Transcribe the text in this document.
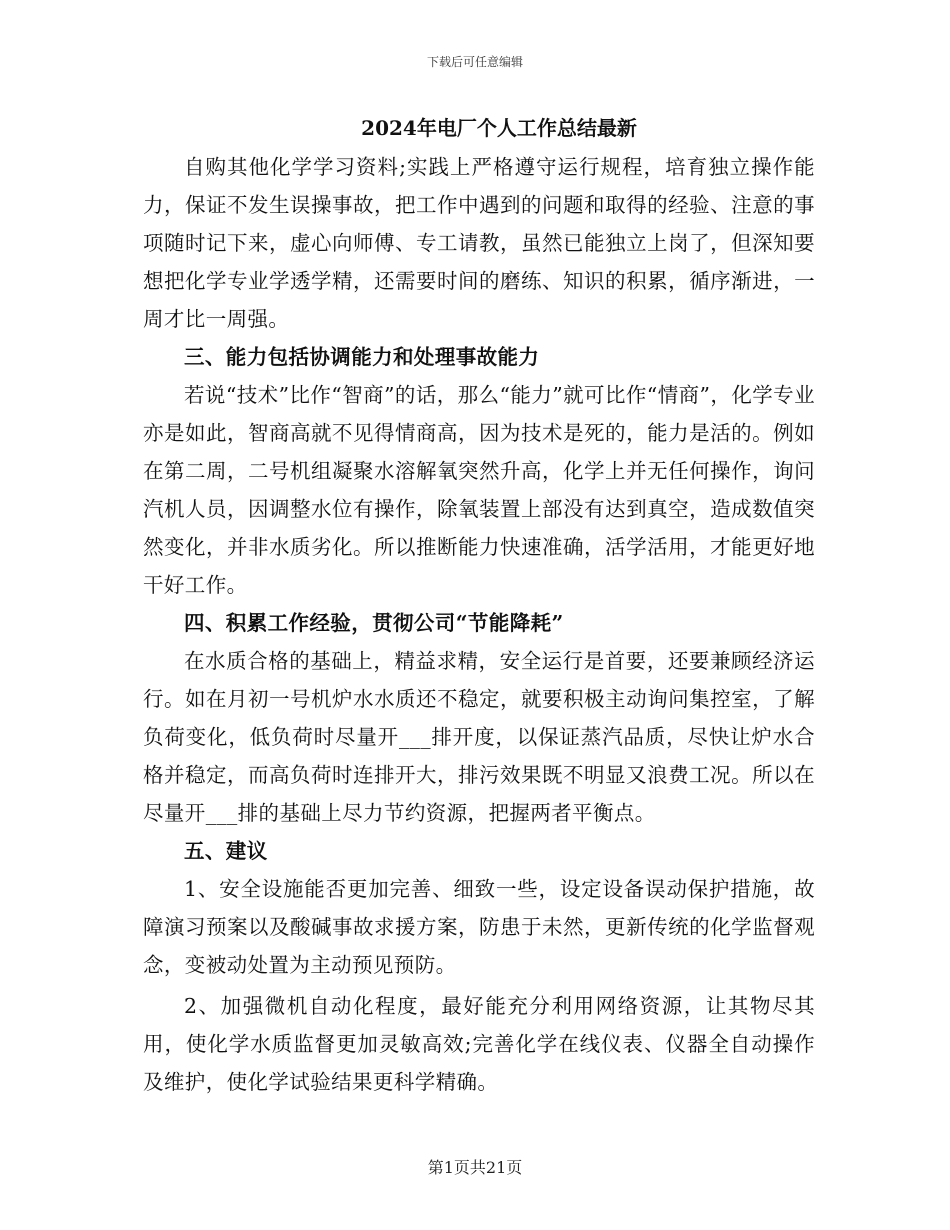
下载后可任意编辑
2024年电厂个人工作总结最新

自购其他化学学习资料;实践上严格遵守运行规程，培育独立操作能力，保证不发生误操事故，把工作中遇到的问题和取得的经验、注意的事项随时记下来，虚心向师傅、专工请教，虽然已能独立上岗了，但深知要想把化学专业学透学精，还需要时间的磨练、知识的积累，循序渐进，一周才比一周强。

三、能力包括协调能力和处理事故能力

若说“技术”比作“智商”的话，那么“能力”就可比作“情商”，化学专业亦是如此，智商高就不见得情商高，因为技术是死的，能力是活的。例如在第二周，二号机组凝聚水溶解氧突然升高，化学上并无任何操作，询问汽机人员，因调整水位有操作，除氧装置上部没有达到真空，造成数值突然变化，并非水质劣化。所以推断能力快速准确，活学活用，才能更好地干好工作。

四、积累工作经验，贯彻公司“节能降耗”

在水质合格的基础上，精益求精，安全运行是首要，还要兼顾经济运行。如在月初一号机炉水水质还不稳定，就要积极主动询问集控室，了解负荷变化，低负荷时尽量开___排开度，以保证蒸汽品质，尽快让炉水合格并稳定，而高负荷时连排开大，排污效果既不明显又浪费工况。所以在尽量开___排的基础上尽力节约资源，把握两者平衡点。

五、建议

1、安全设施能否更加完善、细致一些，设定设备误动保护措施，故障演习预案以及酸碱事故求援方案，防患于未然，更新传统的化学监督观念，变被动处置为主动预见预防。

2、加强微机自动化程度，最好能充分利用网络资源，让其物尽其用，使化学水质监督更加灵敏高效;完善化学在线仪表、仪器全自动操作及维护，使化学试验结果更科学精确。

第1页共21页
